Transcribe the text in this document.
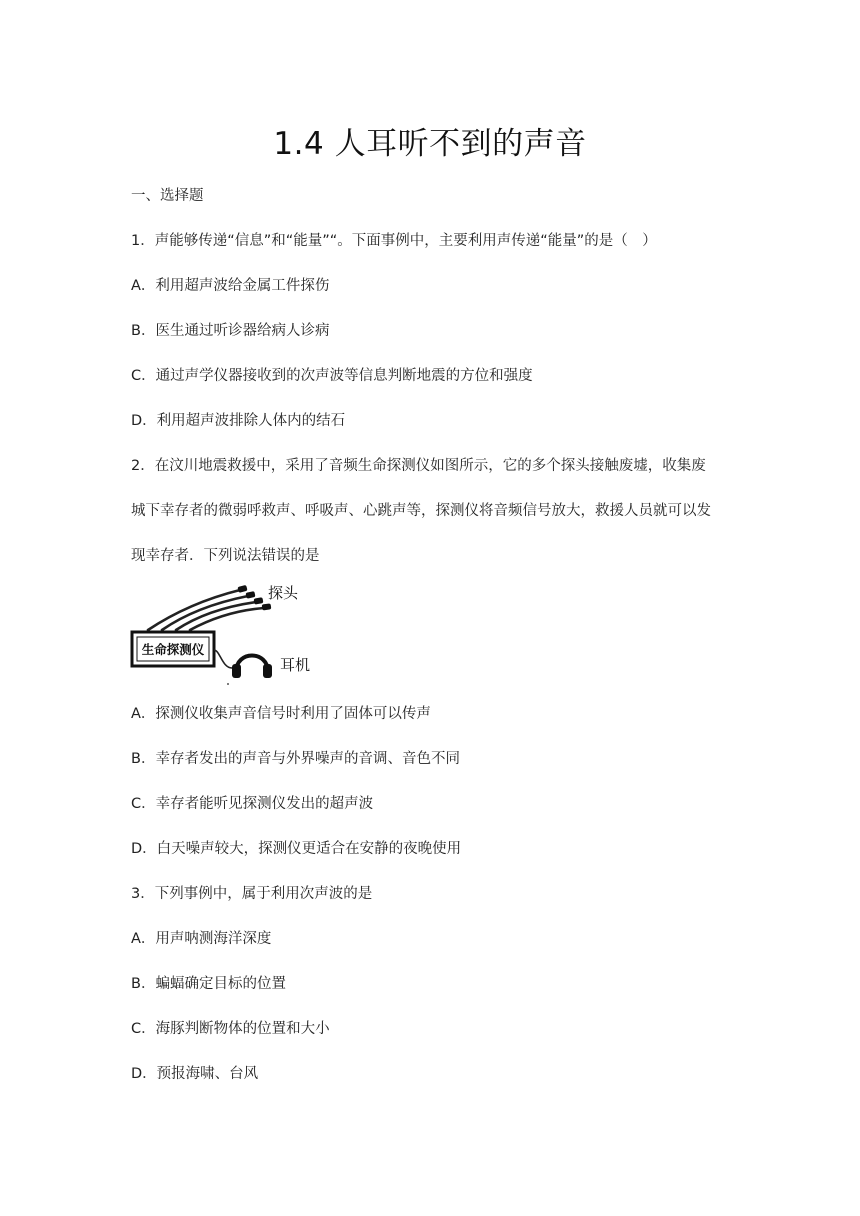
1.4 人耳听不到的声音
一、选择题
1．声能够传递“信息”和“能量”“。下面事例中，主要利用声传递“能量”的是（　）
A．利用超声波给金属工件探伤
B．医生通过听诊器给病人诊病
C．通过声学仪器接收到的次声波等信息判断地震的方位和强度
D．利用超声波排除人体内的结石
2．在汶川地震救援中，采用了音频生命探测仪如图所示，它的多个探头接触废墟，收集废
城下幸存者的微弱呼救声、呼吸声、心跳声等，探测仪将音频信号放大，救援人员就可以发
现幸存者．下列说法错误的是
探头
生命探测仪
耳机
A．探测仪收集声音信号时利用了固体可以传声
B．幸存者发出的声音与外界噪声的音调、音色不同
C．幸存者能听见探测仪发出的超声波
D．白天噪声较大，探测仪更适合在安静的夜晚使用
3．下列事例中，属于利用次声波的是
A．用声呐测海洋深度
B．蝙蝠确定目标的位置
C．海豚判断物体的位置和大小
D．预报海啸、台风
